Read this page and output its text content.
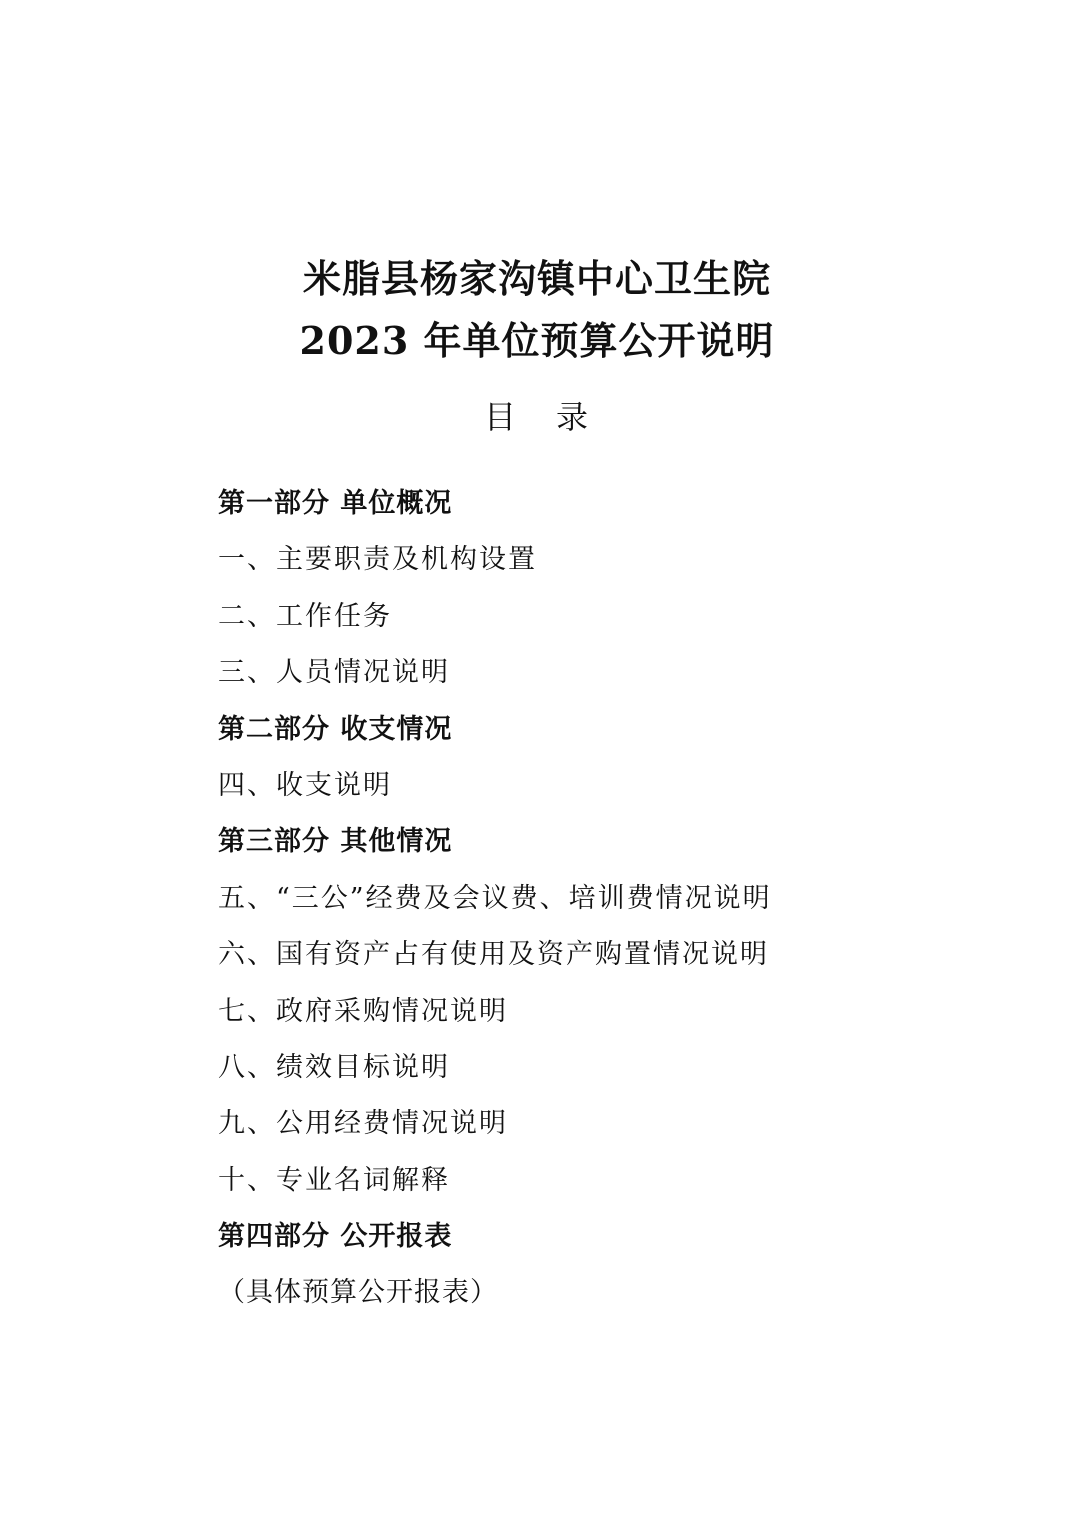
米脂县杨家沟镇中心卫生院
2023 年单位预算公开说明
目 录
第一部分 单位概况
一、主要职责及机构设置
二、工作任务
三、人员情况说明
第二部分 收支情况
四、收支说明
第三部分 其他情况
五、“三公”经费及会议费、培训费情况说明
六、国有资产占有使用及资产购置情况说明
七、政府采购情况说明
八、绩效目标说明
九、公用经费情况说明
十、专业名词解释
第四部分 公开报表
（具体预算公开报表）
